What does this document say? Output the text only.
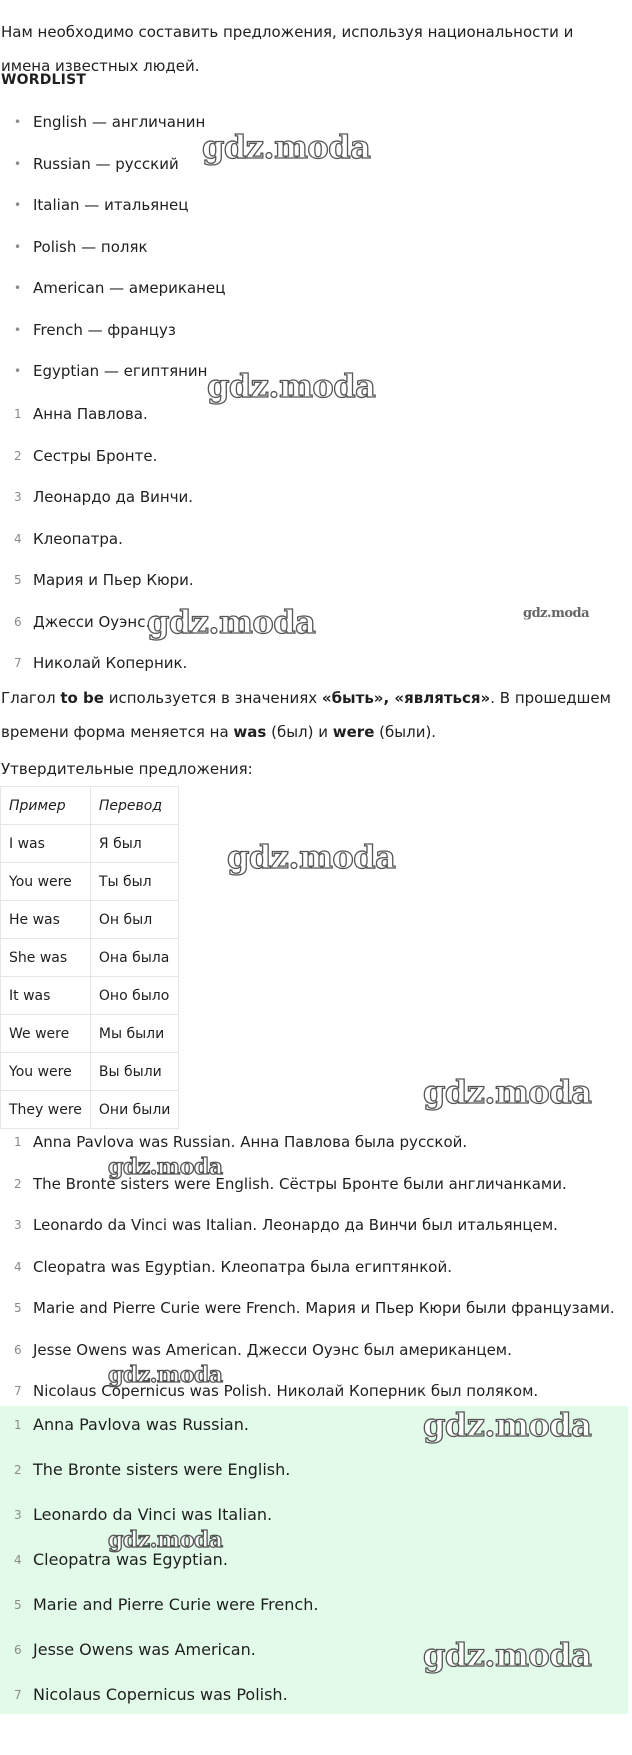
Нам необходимо составить предложения, используя национальности и имена известных людей.

WORDLIST

• English — англичанин
• Russian — русский
• Italian — итальянец
• Polish — поляк
• American — американец
• French — француз
• Egyptian — египтянин
1 Анна Павлова.
2 Сестры Бронте.
3 Леонардо да Винчи.
4 Клеопатра.
5 Мария и Пьер Кюри.
6 Джесси Оуэнс.
7 Николай Коперник.

Глагол to be используется в значениях «быть», «являться». В прошедшем времени форма меняется на was (был) и were (были).

Утвердительные предложения:

Пример	Перевод
I was	Я был
You were	Ты был
He was	Он был
She was	Она была
It was	Оно было
We were	Мы были
You were	Вы были
They were	Они были
1 Anna Pavlova was Russian. Анна Павлова была русской.
2 The Bronte sisters were English. Сёстры Бронте были англичанками.
3 Leonardo da Vinci was Italian. Леонардо да Винчи был итальянцем.
4 Cleopatra was Egyptian. Клеопатра была египтянкой.
5 Marie and Pierre Curie were French. Мария и Пьер Кюри были французами.
6 Jesse Owens was American. Джесси Оуэнс был американцем.
7 Nicolaus Copernicus was Polish. Николай Коперник был поляком.
1 Anna Pavlova was Russian.
2 The Bronte sisters were English.
3 Leonardo da Vinci was Italian.
4 Cleopatra was Egyptian.
5 Marie and Pierre Curie were French.
6 Jesse Owens was American.
7 Nicolaus Copernicus was Polish.
gdz.moda
gdz.moda
gdz.moda	gdz.moda
gdz.moda
gdz.moda
gdz.moda
gdz.moda
gdz.moda
gdz.moda
gdz.moda
